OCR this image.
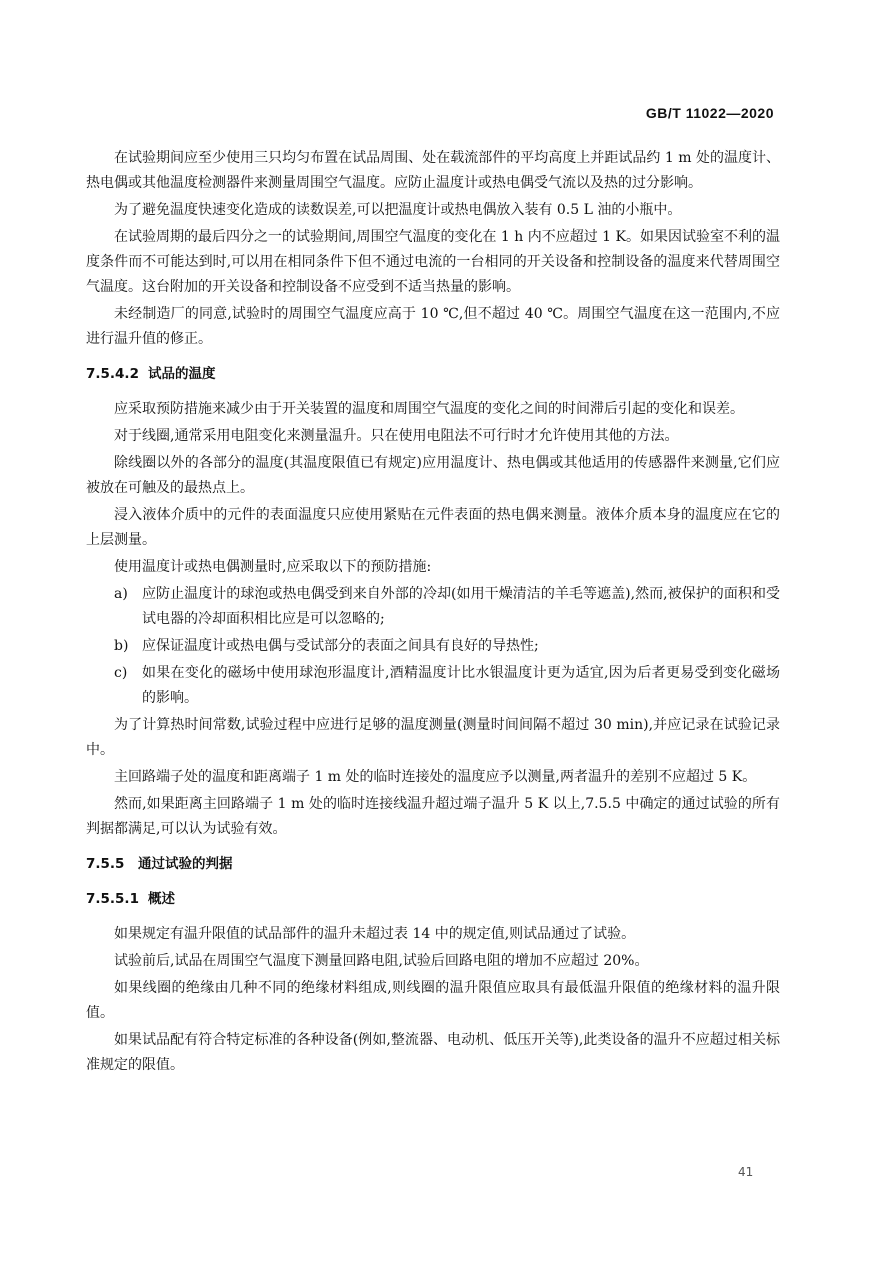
GB/T 11022—2020

在试验期间应至少使用三只均匀布置在试品周围、处在载流部件的平均高度上并距试品约 1 m 处的温度计、热电偶或其他温度检测器件来测量周围空气温度。应防止温度计或热电偶受气流以及热的过分影响。

为了避免温度快速变化造成的读数误差,可以把温度计或热电偶放入装有 0.5 L 油的小瓶中。

在试验周期的最后四分之一的试验期间,周围空气温度的变化在 1 h 内不应超过 1 K。如果因试验室不利的温度条件而不可能达到时,可以用在相同条件下但不通过电流的一台相同的开关设备和控制设备的温度来代替周围空气温度。这台附加的开关设备和控制设备不应受到不适当热量的影响。

未经制造厂的同意,试验时的周围空气温度应高于 10 ℃,但不超过 40 ℃。周围空气温度在这一范围内,不应进行温升值的修正。

7.5.4.2 试品的温度

应采取预防措施来减少由于开关装置的温度和周围空气温度的变化之间的时间滞后引起的变化和误差。

对于线圈,通常采用电阻变化来测量温升。只在使用电阻法不可行时才允许使用其他的方法。

除线圈以外的各部分的温度(其温度限值已有规定)应用温度计、热电偶或其他适用的传感器件来测量,它们应被放在可触及的最热点上。

浸入液体介质中的元件的表面温度只应使用紧贴在元件表面的热电偶来测量。液体介质本身的温度应在它的上层测量。

使用温度计或热电偶测量时,应采取以下的预防措施:

a) 应防止温度计的球泡或热电偶受到来自外部的冷却(如用干燥清洁的羊毛等遮盖),然而,被保护的面积和受试电器的冷却面积相比应是可以忽略的;
b) 应保证温度计或热电偶与受试部分的表面之间具有良好的导热性;
c) 如果在变化的磁场中使用球泡形温度计,酒精温度计比水银温度计更为适宜,因为后者更易受到变化磁场的影响。

为了计算热时间常数,试验过程中应进行足够的温度测量(测量时间间隔不超过 30 min),并应记录在试验记录中。

主回路端子处的温度和距离端子 1 m 处的临时连接处的温度应予以测量,两者温升的差别不应超过 5 K。

然而,如果距离主回路端子 1 m 处的临时连接线温升超过端子温升 5 K 以上,7.5.5 中确定的通过试验的所有判据都满足,可以认为试验有效。

7.5.5 通过试验的判据
7.5.5.1 概述

如果规定有温升限值的试品部件的温升未超过表 14 中的规定值,则试品通过了试验。

试验前后,试品在周围空气温度下测量回路电阻,试验后回路电阻的增加不应超过 20%。

如果线圈的绝缘由几种不同的绝缘材料组成,则线圈的温升限值应取具有最低温升限值的绝缘材料的温升限值。

如果试品配有符合特定标准的各种设备(例如,整流器、电动机、低压开关等),此类设备的温升不应超过相关标准规定的限值。

41
